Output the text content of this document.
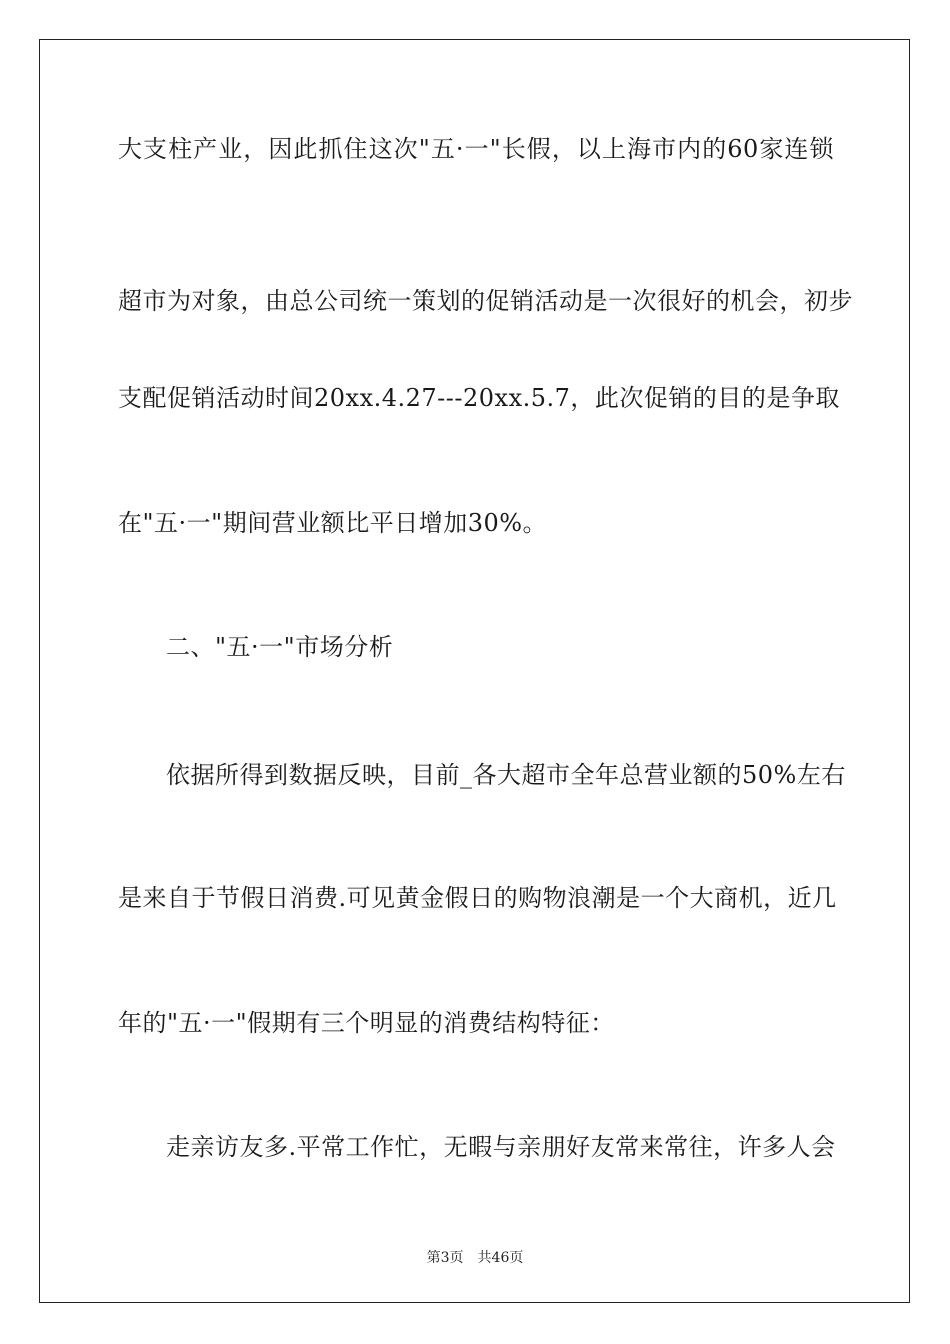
大支柱产业，因此抓住这次"五·一"长假，以上海市内的60家连锁
超市为对象，由总公司统一策划的促销活动是一次很好的机会，初步
支配促销活动时间20xx.4.27---20xx.5.7，此次促销的目的是争取
在"五·一"期间营业额比平日增加30%。
二、"五·一"市场分析
依据所得到数据反映，目前_各大超市全年总营业额的50%左右
是来自于节假日消费.可见黄金假日的购物浪潮是一个大商机，近几
年的"五·一"假期有三个明显的消费结构特征：
走亲访友多.平常工作忙，无暇与亲朋好友常来常往，许多人会
第3页 共46页
